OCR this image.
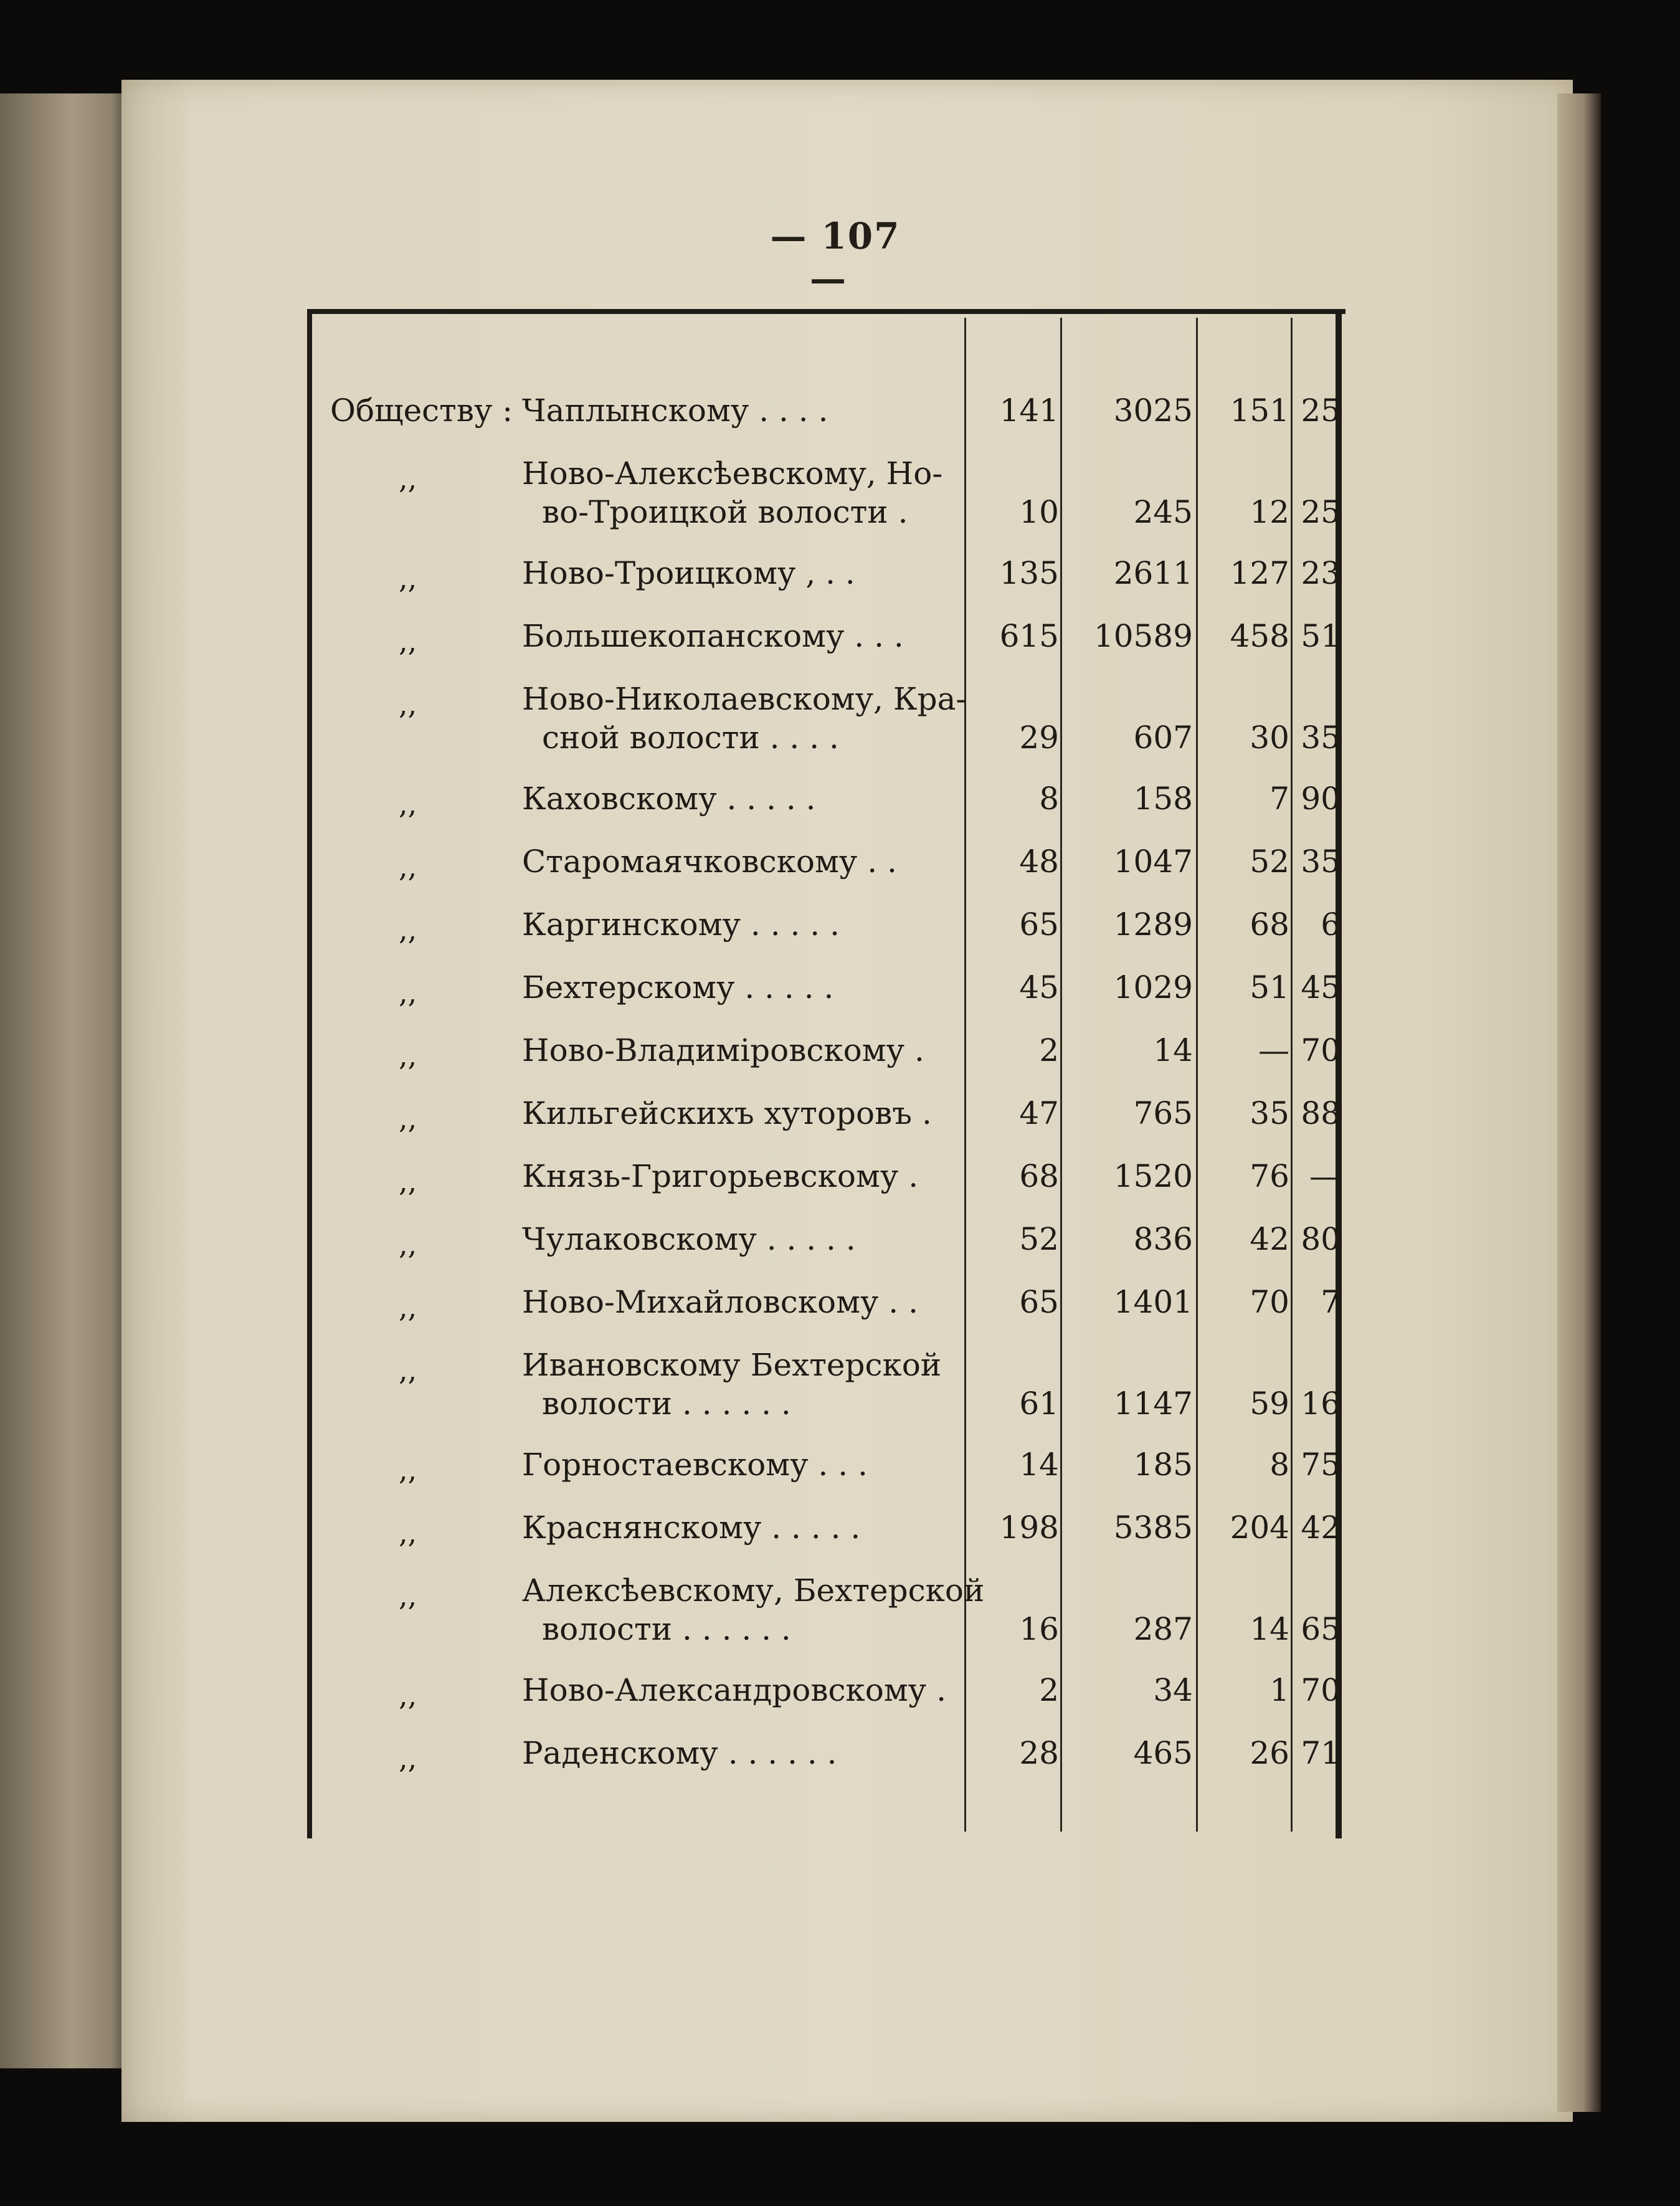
— 107—
Обществу : Чаплынскому . . . .	141	3025	151 25
,,	Ново-Алексѣевскому, Но-
во-Троицкой волости .	10	245	12 25
,,	Ново-Троицкому , . .	135	2611	127 23
,,	Большекопанскому . . .	615	10589	458 51
,,	Ново-Николаевскому, Кра-
сной волости . . . .	29	607	30 35
,,	Каховскому . . . . .	8	158	7 90
,,	Старомаячковскому . .	48	1047	52 35
,,	Каргинскому . . . . .	65	1289	68	6
,,	Бехтерскому . . . . .	45	1029	51 45
,,	Ново-Владиміровскому .	2	14	— 70
,,	Кильгейскихъ хуторовъ .	47	765	35 88
,,	Князь-Григорьевскому .	68	1520	76 —
,,	Чулаковскому . . . . .	52	836	42 80
,,	Ново-Михайловскому . .	65	1401	70	7
,,	Ивановскому Бехтерской
волости . . . . . .	61	1147	59 16
,,	Горностаевскому . . .	14	185	8 75
,,	Краснянскому . . . . .	198	5385	204 42
,,	Алексѣевскому, Бехтерской
волости . . . . . .	16	287	14 65
,,	Ново-Александровскому .	2	34	1 70
,,	Раденскому . . . . . .	28	465	26 71
